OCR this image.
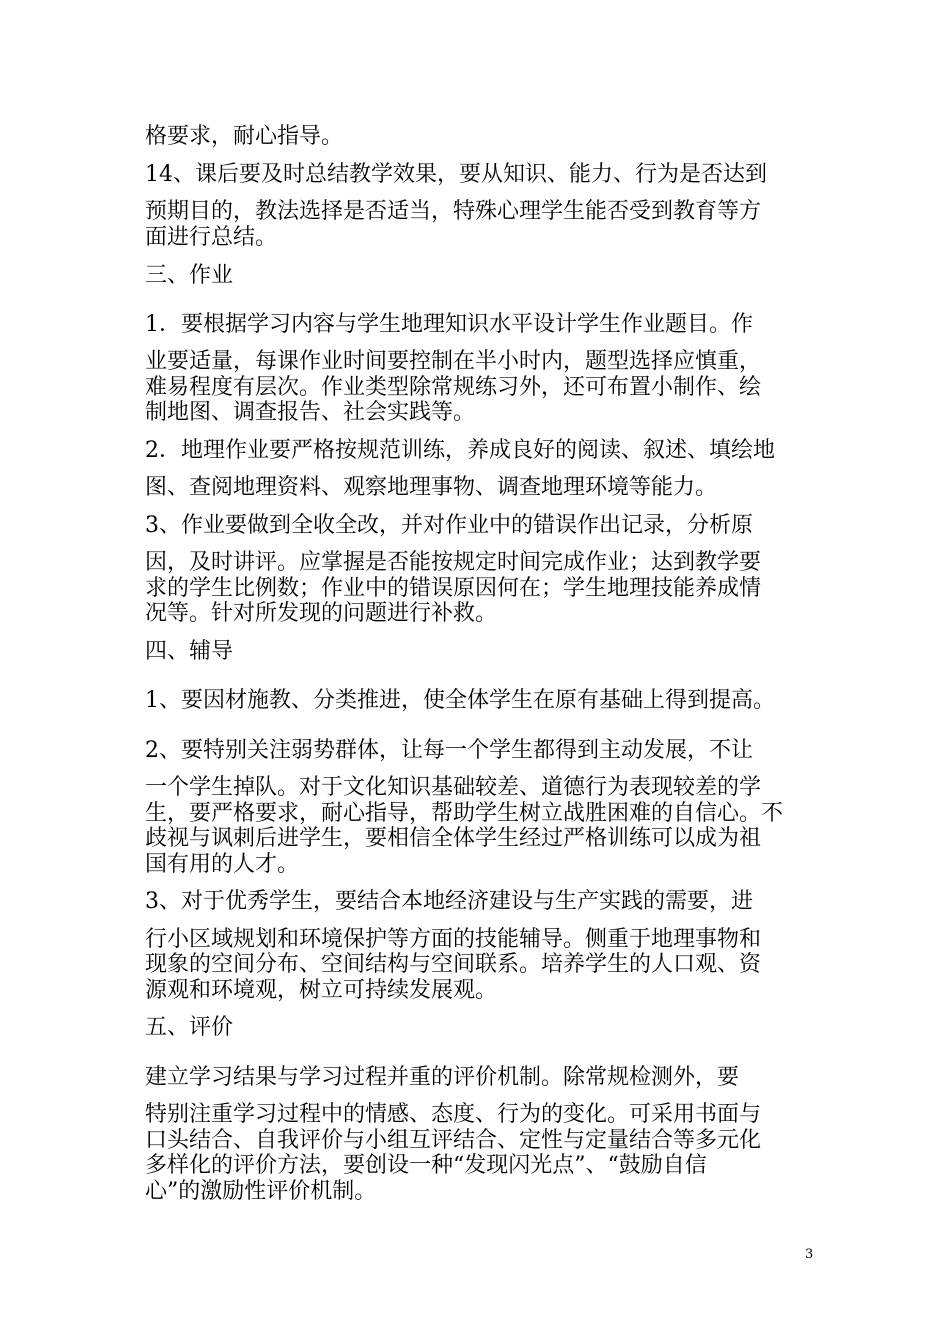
格要求，耐心指导。
14、课后要及时总结教学效果，要从知识、能力、行为是否达到
预期目的，教法选择是否适当，特殊心理学生能否受到教育等方
面进行总结。
三、作业
1．要根据学习内容与学生地理知识水平设计学生作业题目。作
业要适量，每课作业时间要控制在半小时内，题型选择应慎重，
难易程度有层次。作业类型除常规练习外，还可布置小制作、绘
制地图、调查报告、社会实践等。
2．地理作业要严格按规范训练，养成良好的阅读、叙述、填绘地
图、查阅地理资料、观察地理事物、调查地理环境等能力。
3、作业要做到全收全改，并对作业中的错误作出记录，分析原
因，及时讲评。应掌握是否能按规定时间完成作业；达到教学要
求的学生比例数；作业中的错误原因何在；学生地理技能养成情
况等。针对所发现的问题进行补救。
四、辅导
1、要因材施教、分类推进，使全体学生在原有基础上得到提高。
2、要特别关注弱势群体，让每一个学生都得到主动发展，不让
一个学生掉队。对于文化知识基础较差、道德行为表现较差的学
生，要严格要求，耐心指导，帮助学生树立战胜困难的自信心。不
歧视与讽刺后进学生，要相信全体学生经过严格训练可以成为祖
国有用的人才。
3、对于优秀学生，要结合本地经济建设与生产实践的需要，进
行小区域规划和环境保护等方面的技能辅导。侧重于地理事物和
现象的空间分布、空间结构与空间联系。培养学生的人口观、资
源观和环境观，树立可持续发展观。
五、评价
建立学习结果与学习过程并重的评价机制。除常规检测外，要
特别注重学习过程中的情感、态度、行为的变化。可采用书面与
口头结合、自我评价与小组互评结合、定性与定量结合等多元化
多样化的评价方法，要创设一种“发现闪光点”、“鼓励自信
心”的激励性评价机制。
3
